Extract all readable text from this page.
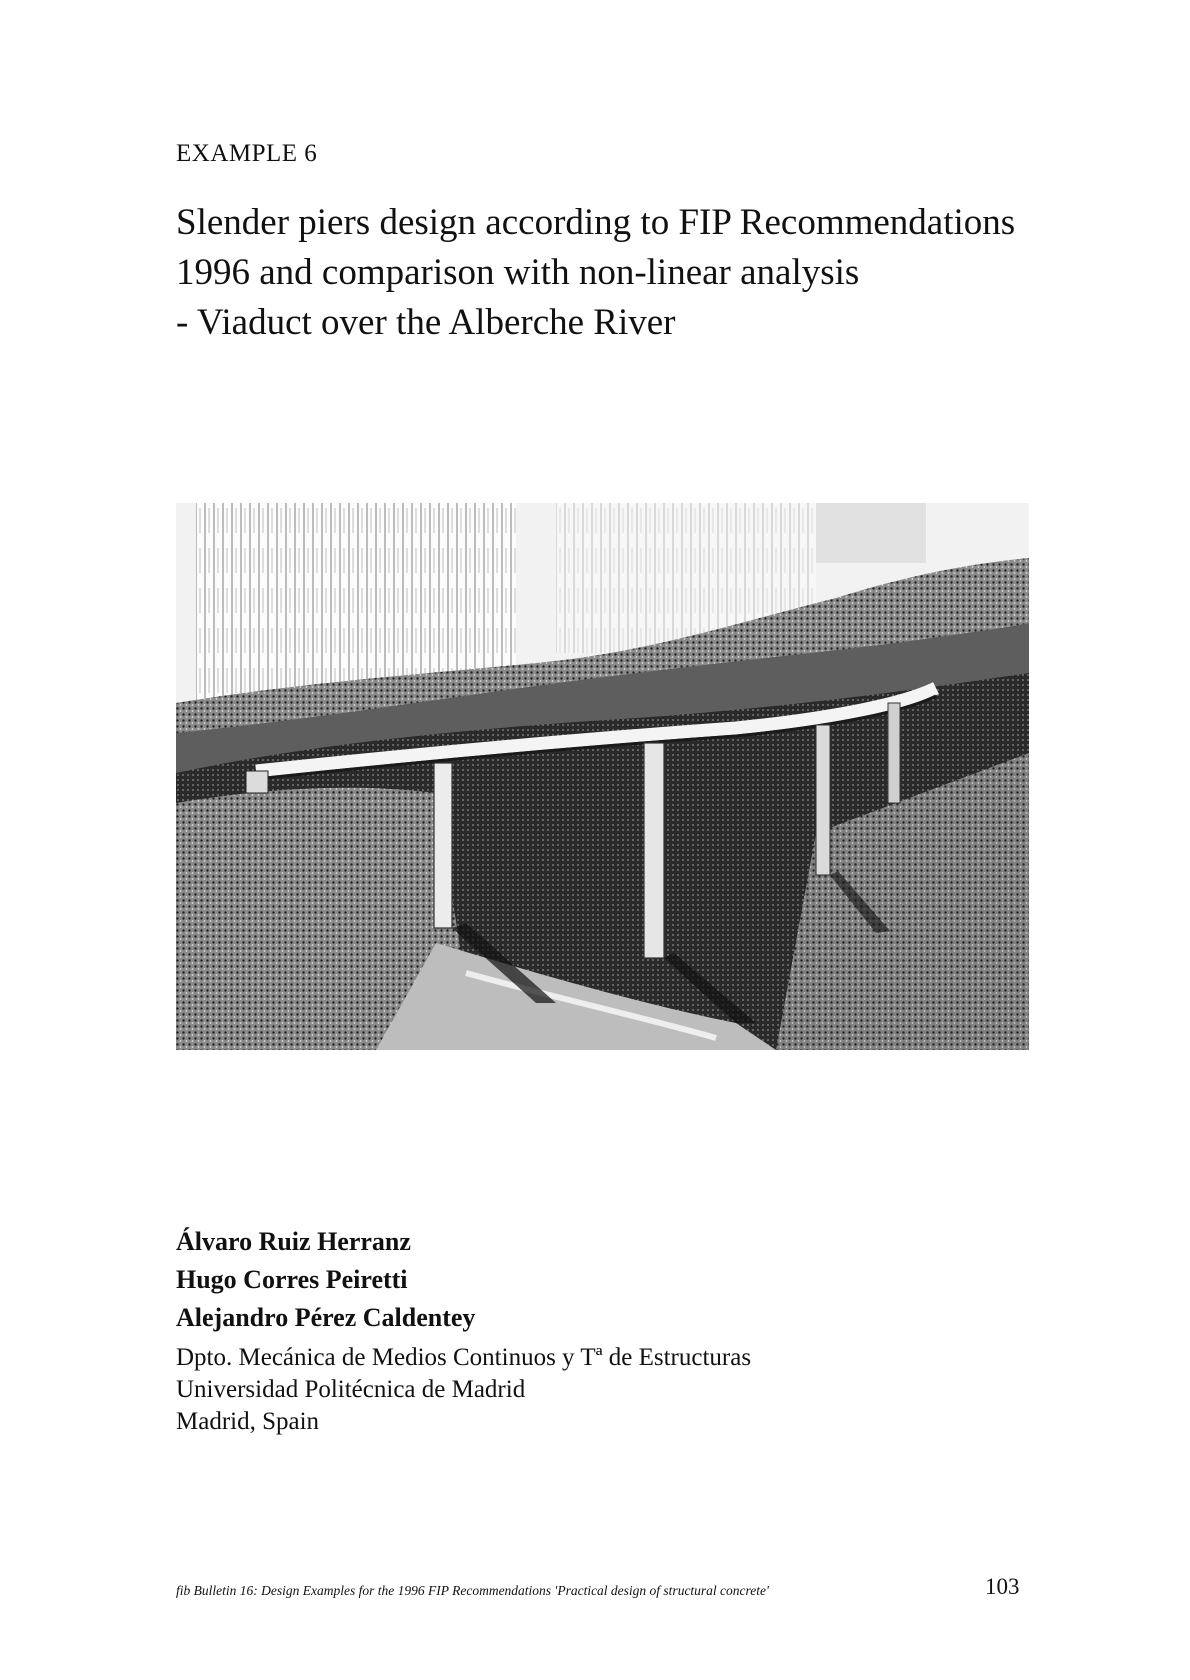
EXAMPLE 6
Slender piers design according to FIP Recommendations
1996 and comparison with non-linear analysis
- Viaduct over the Alberche River
Álvaro Ruiz Herranz
Hugo Corres Peiretti
Alejandro Pérez Caldentey
Dpto. Mecánica de Medios Continuos y Tª de Estructuras
Universidad Politécnica de Madrid
Madrid, Spain
fib Bulletin 16: Design Examples for the 1996 FIP Recommendations 'Practical design of structural concrete'	103
